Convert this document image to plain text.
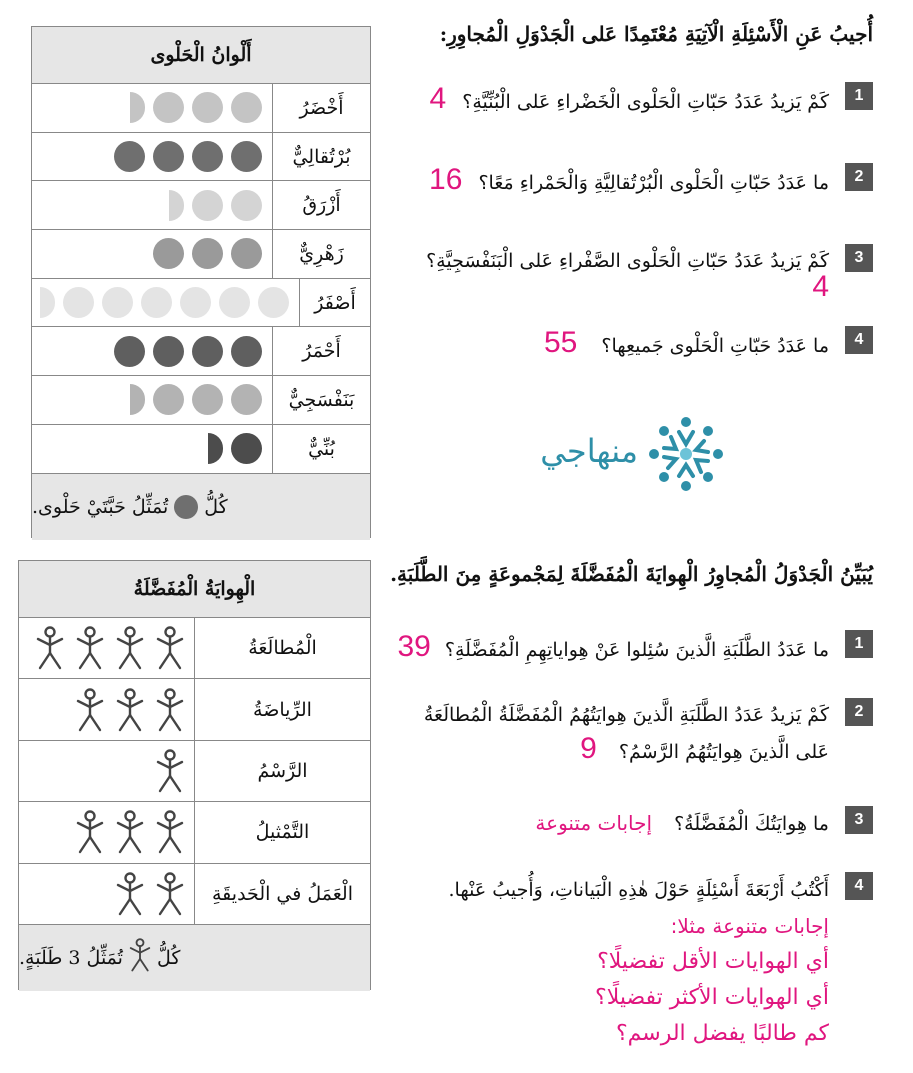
أَلْوانُ الْحَلْوى
أَخْضَرُ
بُرْتُقالِيٌّ
أَزْرَقُ
زَهْرِيٌّ
أَصْفَرُ
أَحْمَرُ
بَنَفْسَجِيٌّ
بُنِّيٌّ
كُلُّ
تُمَثِّلُ حَبَّتَيْ حَلْوى.
أُجيبُ عَنِ الْأَسْئِلَةِ الْآتِيَةِ مُعْتَمِدًا عَلى الْجَدْوَلِ الْمُجاوِرِ:
1
كَمْ يَزيدُ عَدَدُ حَبّاتِ الْحَلْوى الْخَضْراءِ عَلى الْبُنِّيَّةِ؟ 4
2
ما عَدَدُ حَبّاتِ الْحَلْوى الْبُرْتُقالِيَّةِ وَالْحَمْراءِ مَعًا؟ 16
3
كَمْ يَزيدُ عَدَدُ حَبّاتِ الْحَلْوى الصَّفْراءِ عَلى الْبَنَفْسَجِيَّةِ؟
4
4
ما عَدَدُ حَبّاتِ الْحَلْوى جَميعِها؟ 55
منهاجي
الْهِوايَةُ الْمُفَضَّلَةُ
الْمُطالَعَةُ
الرِّياضَةُ
الرَّسْمُ
التَّمْثيلُ
الْعَمَلُ في الْحَديقَةِ
كُلُّ
تُمَثِّلُ 3 طَلَبَةٍ.
يُبَيِّنُ الْجَدْوَلُ الْمُجاوِرُ الْهِوايَةَ الْمُفَضَّلَةَ لِمَجْموعَةٍ مِنَ الطَّلَبَةِ.
1
ما عَدَدُ الطَّلَبَةِ الَّذينَ سُئِلوا عَنْ هِواياتِهِمِ الْمُفَضَّلَةِ؟ 39
2
كَمْ يَزيدُ عَدَدُ الطَّلَبَةِ الَّذينَ هِوايَتُهُمُ الْمُفَضَّلَةُ الْمُطالَعَةُ
عَلى الَّذينَ هِوايَتُهُمُ الرَّسْمُ؟ 9
3
ما هِوايَتُكَ الْمُفَضَّلَةُ؟ إجابات متنوعة
4
أَكْتُبُ أَرْبَعَةَ أَسْئِلَةٍ حَوْلَ هٰذِهِ الْبَياناتِ، وَأُجيبُ عَنْها.
إجابات متنوعة مثلا:
أي الهوايات الأقل تفضيلًا؟
أي الهوايات الأكثر تفضيلًا؟
كم طالبًا يفضل الرسم؟
